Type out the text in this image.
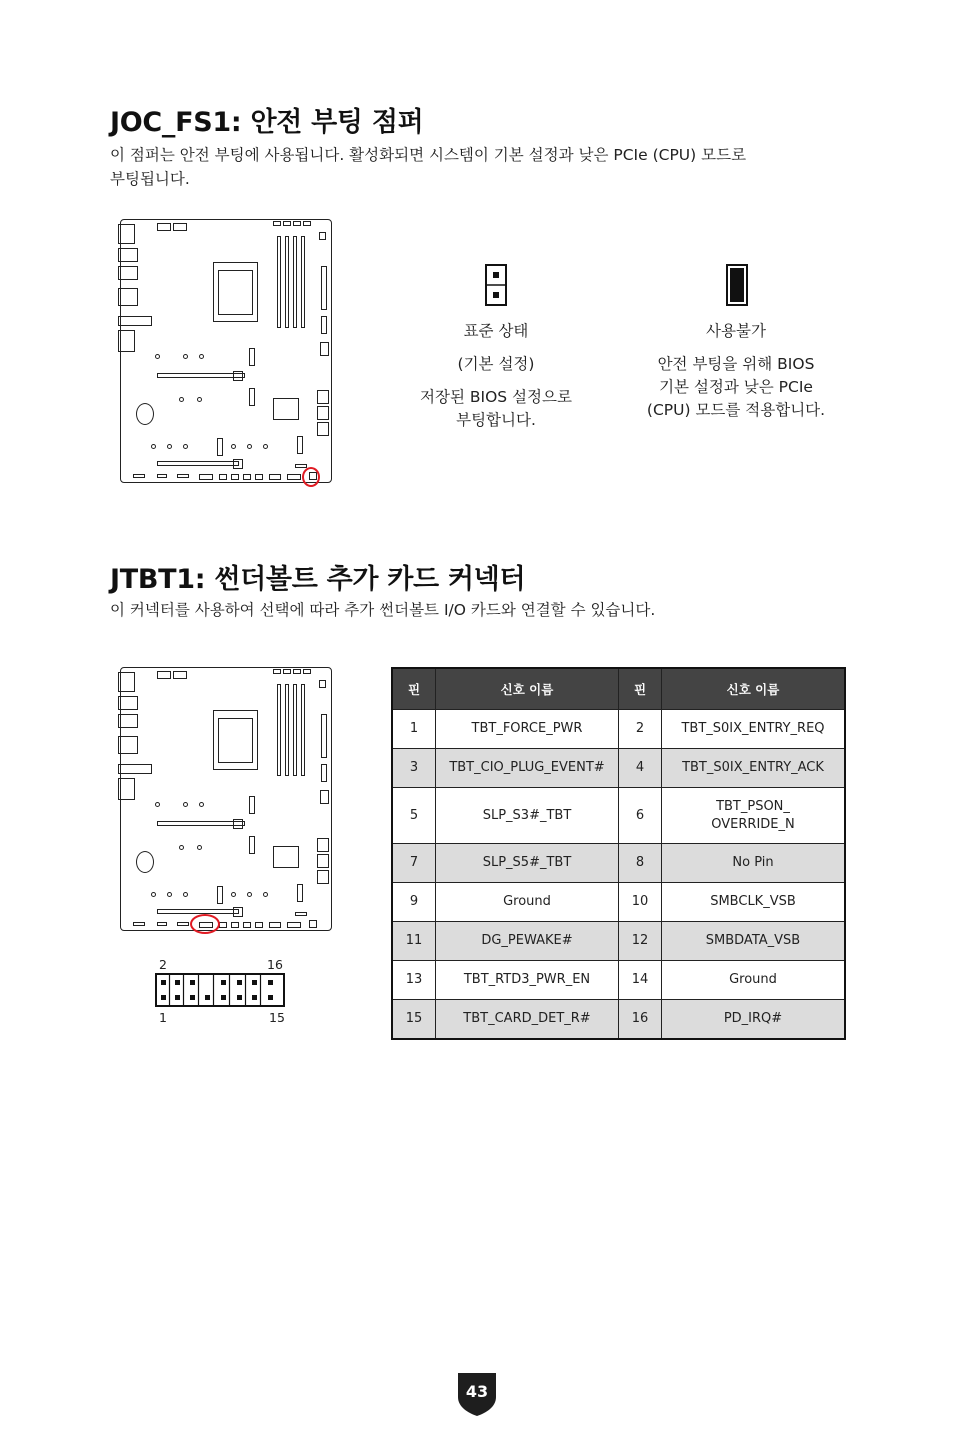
JOC_FS1: 안전 부팅 점퍼
이 점퍼는 안전 부팅에 사용됩니다. 활성화되면 시스템이 기본 설정과 낮은 PCIe (CPU) 모드로
부팅됩니다.
표준 상태
(기본 설정)
저장된 BIOS 설정으로
부팅합니다.
사용불가
안전 부팅을 위해 BIOS
기본 설정과 낮은 PCIe
(CPU) 모드를 적용합니다.
JTBT1: 썬더볼트 추가 카드 커넥터
이 커넥터를 사용하여 선택에 따라 추가 썬더볼트 I/O 카드와 연결할 수 있습니다.
2	16
1	15
핀	신호 이름	핀	신호 이름
1	TBT_FORCE_PWR	2	TBT_S0IX_ENTRY_REQ
3	TBT_CIO_PLUG_EVENT#	4	TBT_S0IX_ENTRY_ACK
5	SLP_S3#_TBT	6	TBT_PSON_
OVERRIDE_N
7	SLP_S5#_TBT	8	No Pin
9	Ground	10	SMBCLK_VSB
11	DG_PEWAKE#	12	SMBDATA_VSB
13	TBT_RTD3_PWR_EN	14	Ground
15	TBT_CARD_DET_R#	16	PD_IRQ#
43
